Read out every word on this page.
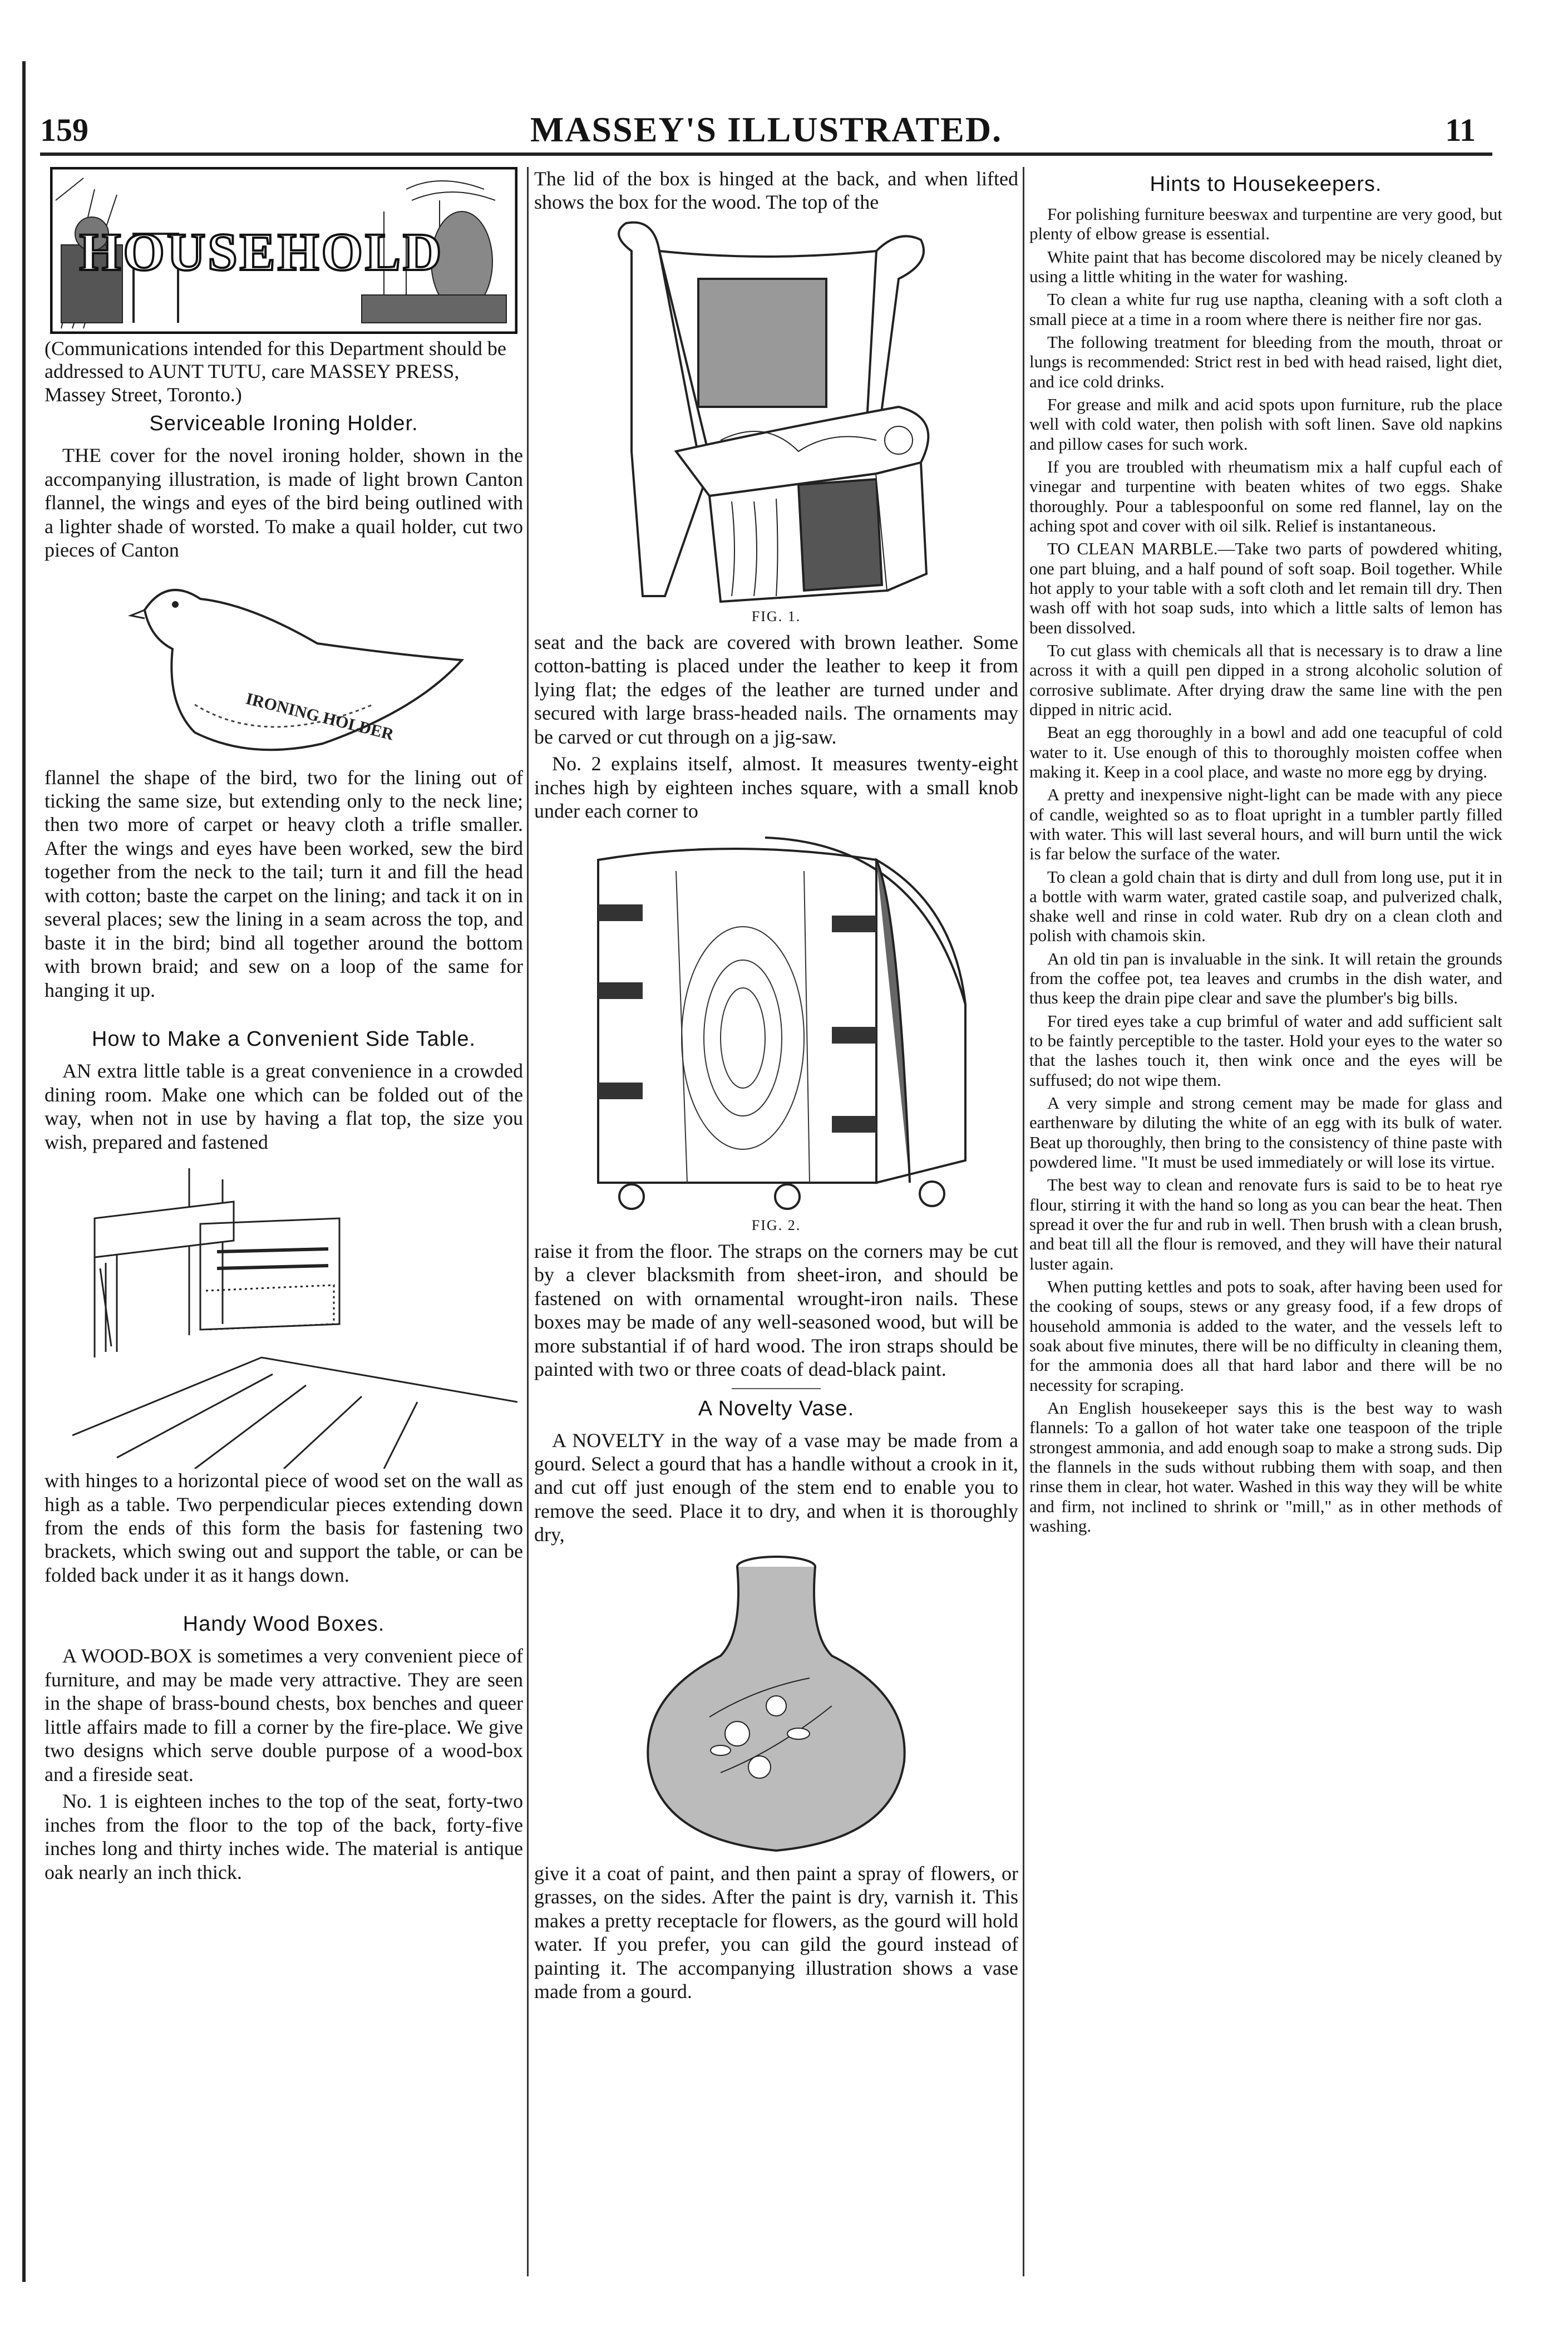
159	MASSEY'S ILLUSTRATED.	11
HOUSEHOLD

(Communications intended for this Department should be addressed to AUNT TUTU, care MASSEY PRESS, Massey Street, Toronto.)

Serviceable Ironing Holder.

THE cover for the novel ironing holder, shown in the accompanying illustration, is made of light brown Canton flannel, the wings and eyes of the bird being outlined with a lighter shade of worsted. To make a quail holder, cut two pieces of Canton

IRONING HOLDER

flannel the shape of the bird, two for the lining out of ticking the same size, but extending only to the neck line; then two more of carpet or heavy cloth a trifle smaller. After the wings and eyes have been worked, sew the bird together from the neck to the tail; turn it and fill the head with cotton; baste the carpet on the lining; and tack it on in several places; sew the lining in a seam across the top, and baste it in the bird; bind all together around the bottom with brown braid; and sew on a loop of the same for hanging it up.

How to Make a Convenient Side Table.

AN extra little table is a great convenience in a crowded dining room. Make one which can be folded out of the way, when not in use by having a flat top, the size you wish, prepared and fastened

with hinges to a horizontal piece of wood set on the wall as high as a table. Two perpendicular pieces extending down from the ends of this form the basis for fastening two brackets, which swing out and support the table, or can be folded back under it as it hangs down.

Handy Wood Boxes.

A WOOD-BOX is sometimes a very convenient piece of furniture, and may be made very attractive. They are seen in the shape of brass-bound chests, box benches and queer little affairs made to fill a corner by the fire-place. We give two designs which serve double purpose of a wood-box and a fireside seat.

No. 1 is eighteen inches to the top of the seat, forty-two inches from the floor to the top of the back, forty-five inches long and thirty inches wide. The material is antique oak nearly an inch thick.

The lid of the box is hinged at the back, and when lifted shows the box for the wood. The top of the

FIG. 1.

seat and the back are covered with brown leather. Some cotton-batting is placed under the leather to keep it from lying flat; the edges of the leather are turned under and secured with large brass-headed nails. The ornaments may be carved or cut through on a jig-saw.

No. 2 explains itself, almost. It measures twenty-eight inches high by eighteen inches square, with a small knob under each corner to

FIG. 2.

raise it from the floor. The straps on the corners may be cut by a clever blacksmith from sheet-iron, and should be fastened on with ornamental wrought-iron nails. These boxes may be made of any well-seasoned wood, but will be more substantial if of hard wood. The iron straps should be painted with two or three coats of dead-black paint.

A Novelty Vase.

A NOVELTY in the way of a vase may be made from a gourd. Select a gourd that has a handle without a crook in it, and cut off just enough of the stem end to enable you to remove the seed. Place it to dry, and when it is thoroughly dry,

give it a coat of paint, and then paint a spray of flowers, or grasses, on the sides. After the paint is dry, varnish it. This makes a pretty receptacle for flowers, as the gourd will hold water. If you prefer, you can gild the gourd instead of painting it. The accompanying illustration shows a vase made from a gourd.

Hints to Housekeepers.

For polishing furniture beeswax and turpentine are very good, but plenty of elbow grease is essential.

White paint that has become discolored may be nicely cleaned by using a little whiting in the water for washing.

To clean a white fur rug use naptha, cleaning with a soft cloth a small piece at a time in a room where there is neither fire nor gas.

The following treatment for bleeding from the mouth, throat or lungs is recommended: Strict rest in bed with head raised, light diet, and ice cold drinks.

For grease and milk and acid spots upon furniture, rub the place well with cold water, then polish with soft linen. Save old napkins and pillow cases for such work.

If you are troubled with rheumatism mix a half cupful each of vinegar and turpentine with beaten whites of two eggs. Shake thoroughly. Pour a tablespoonful on some red flannel, lay on the aching spot and cover with oil silk. Relief is instantaneous.

TO CLEAN MARBLE.—Take two parts of powdered whiting, one part bluing, and a half pound of soft soap. Boil together. While hot apply to your table with a soft cloth and let remain till dry. Then wash off with hot soap suds, into which a little salts of lemon has been dissolved.

To cut glass with chemicals all that is necessary is to draw a line across it with a quill pen dipped in a strong alcoholic solution of corrosive sublimate. After drying draw the same line with the pen dipped in nitric acid.

Beat an egg thoroughly in a bowl and add one teacupful of cold water to it. Use enough of this to thoroughly moisten coffee when making it. Keep in a cool place, and waste no more egg by drying.

A pretty and inexpensive night-light can be made with any piece of candle, weighted so as to float upright in a tumbler partly filled with water. This will last several hours, and will burn until the wick is far below the surface of the water.

To clean a gold chain that is dirty and dull from long use, put it in a bottle with warm water, grated castile soap, and pulverized chalk, shake well and rinse in cold water. Rub dry on a clean cloth and polish with chamois skin.

An old tin pan is invaluable in the sink. It will retain the grounds from the coffee pot, tea leaves and crumbs in the dish water, and thus keep the drain pipe clear and save the plumber's big bills.

For tired eyes take a cup brimful of water and add sufficient salt to be faintly perceptible to the taster. Hold your eyes to the water so that the lashes touch it, then wink once and the eyes will be suffused; do not wipe them.

A very simple and strong cement may be made for glass and earthenware by diluting the white of an egg with its bulk of water. Beat up thoroughly, then bring to the consistency of thine paste with powdered lime. "It must be used immediately or will lose its virtue.

The best way to clean and renovate furs is said to be to heat rye flour, stirring it with the hand so long as you can bear the heat. Then spread it over the fur and rub in well. Then brush with a clean brush, and beat till all the flour is removed, and they will have their natural luster again.

When putting kettles and pots to soak, after having been used for the cooking of soups, stews or any greasy food, if a few drops of household ammonia is added to the water, and the vessels left to soak about five minutes, there will be no difficulty in cleaning them, for the ammonia does all that hard labor and there will be no necessity for scraping.

An English housekeeper says this is the best way to wash flannels: To a gallon of hot water take one teaspoon of the triple strongest ammonia, and add enough soap to make a strong suds. Dip the flannels in the suds without rubbing them with soap, and then rinse them in clear, hot water. Washed in this way they will be white and firm, not inclined to shrink or "mill," as in other methods of washing.
